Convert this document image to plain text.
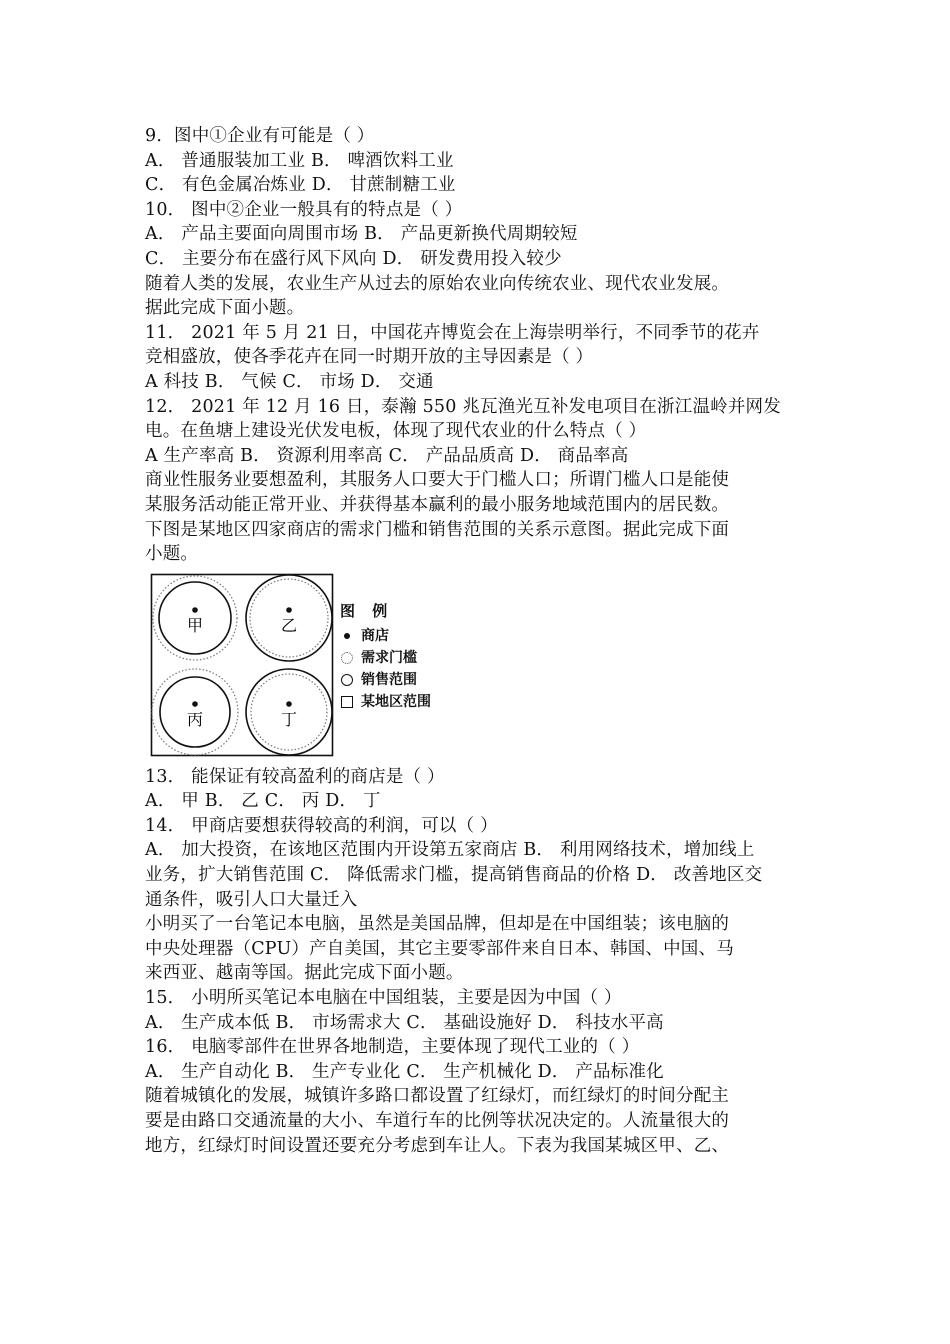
9．图中①企业有可能是（ ）
A． 普通服装加工业 B． 啤酒饮料工业
C． 有色金属冶炼业 D． 甘蔗制糖工业
10． 图中②企业一般具有的特点是（ ）
A． 产品主要面向周围市场 B． 产品更新换代周期较短
C． 主要分布在盛行风下风向 D． 研发费用投入较少
随着人类的发展，农业生产从过去的原始农业向传统农业、现代农业发展。
据此完成下面小题。
11． 2021 年 5 月 21 日，中国花卉博览会在上海崇明举行，不同季节的花卉
竞相盛放，使各季花卉在同一时期开放的主导因素是（ ）
A 科技 B． 气候 C． 市场 D． 交通
12． 2021 年 12 月 16 日，泰瀚 550 兆瓦渔光互补发电项目在浙江温岭并网发
电。在鱼塘上建设光伏发电板，体现了现代农业的什么特点（ ）
A 生产率高 B． 资源利用率高 C． 产品品质高 D． 商品率高
商业性服务业要想盈利，其服务人口要大于门槛人口；所谓门槛人口是能使
某服务活动能正常开业、并获得基本赢利的最小服务地域范围内的居民数。
下图是某地区四家商店的需求门槛和销售范围的关系示意图。据此完成下面
小题。
甲	乙
丙	丁
图 例
商店
需求门槛
销售范围
某地区范围
13． 能保证有较高盈利的商店是（ ）
A． 甲 B． 乙 C． 丙 D． 丁
14． 甲商店要想获得较高的利润，可以（ ）
A． 加大投资，在该地区范围内开设第五家商店 B． 利用网络技术，增加线上
业务，扩大销售范围 C． 降低需求门槛，提高销售商品的价格 D． 改善地区交
通条件，吸引人口大量迁入
小明买了一台笔记本电脑，虽然是美国品牌，但却是在中国组装；该电脑的
中央处理器（CPU）产自美国，其它主要零部件来自日本、韩国、中国、马
来西亚、越南等国。据此完成下面小题。
15． 小明所买笔记本电脑在中国组装，主要是因为中国（ ）
A． 生产成本低 B． 市场需求大 C． 基础设施好 D． 科技水平高
16． 电脑零部件在世界各地制造，主要体现了现代工业的（ ）
A． 生产自动化 B． 生产专业化 C． 生产机械化 D． 产品标准化
随着城镇化的发展，城镇许多路口都设置了红绿灯，而红绿灯的时间分配主
要是由路口交通流量的大小、车道行车的比例等状况决定的。人流量很大的
地方，红绿灯时间设置还要充分考虑到车让人。下表为我国某城区甲、乙、
